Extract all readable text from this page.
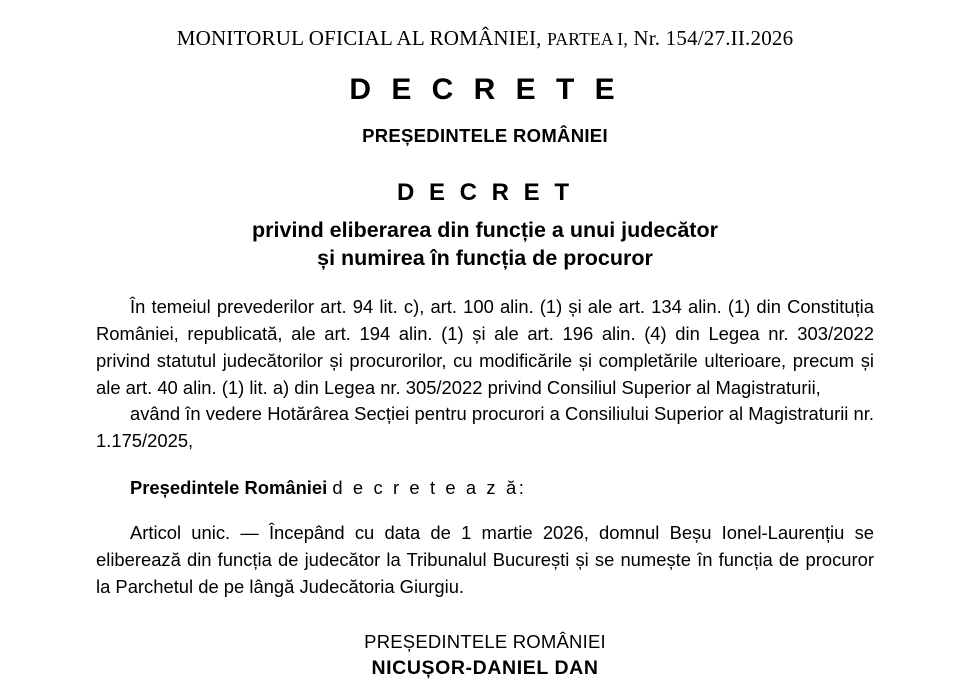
MONITORUL OFICIAL AL ROMÂNIEI, PARTEA I, Nr. 154/27.II.2026
D E C R E T E
PREȘEDINTELE ROMÂNIEI
D E C R E T
privind eliberarea din funcție a unui judecător
și numirea în funcția de procuror

În temeiul prevederilor art. 94 lit. c), art. 100 alin. (1) și ale art. 134 alin. (1) din Constituția României, republicată, ale art. 194 alin. (1) și ale art. 196 alin. (4) din Legea nr. 303/2022 privind statutul judecătorilor și procurorilor, cu modificările și completările ulterioare, precum și ale art. 40 alin. (1) lit. a) din Legea nr. 305/2022 privind Consiliul Superior al Magistraturii,

având în vedere Hotărârea Secției pentru procurori a Consiliului Superior al Magistraturii nr. 1.175/2025,

Președintele României d e c r e t e a z ă:

Articol unic. — Începând cu data de 1 martie 2026, domnul Beșu Ionel-Laurențiu se eliberează din funcția de judecător la Tribunalul București și se numește în funcția de procuror la Parchetul de pe lângă Judecătoria Giurgiu.

PREȘEDINTELE ROMÂNIEI
NICUȘOR-DANIEL DAN
